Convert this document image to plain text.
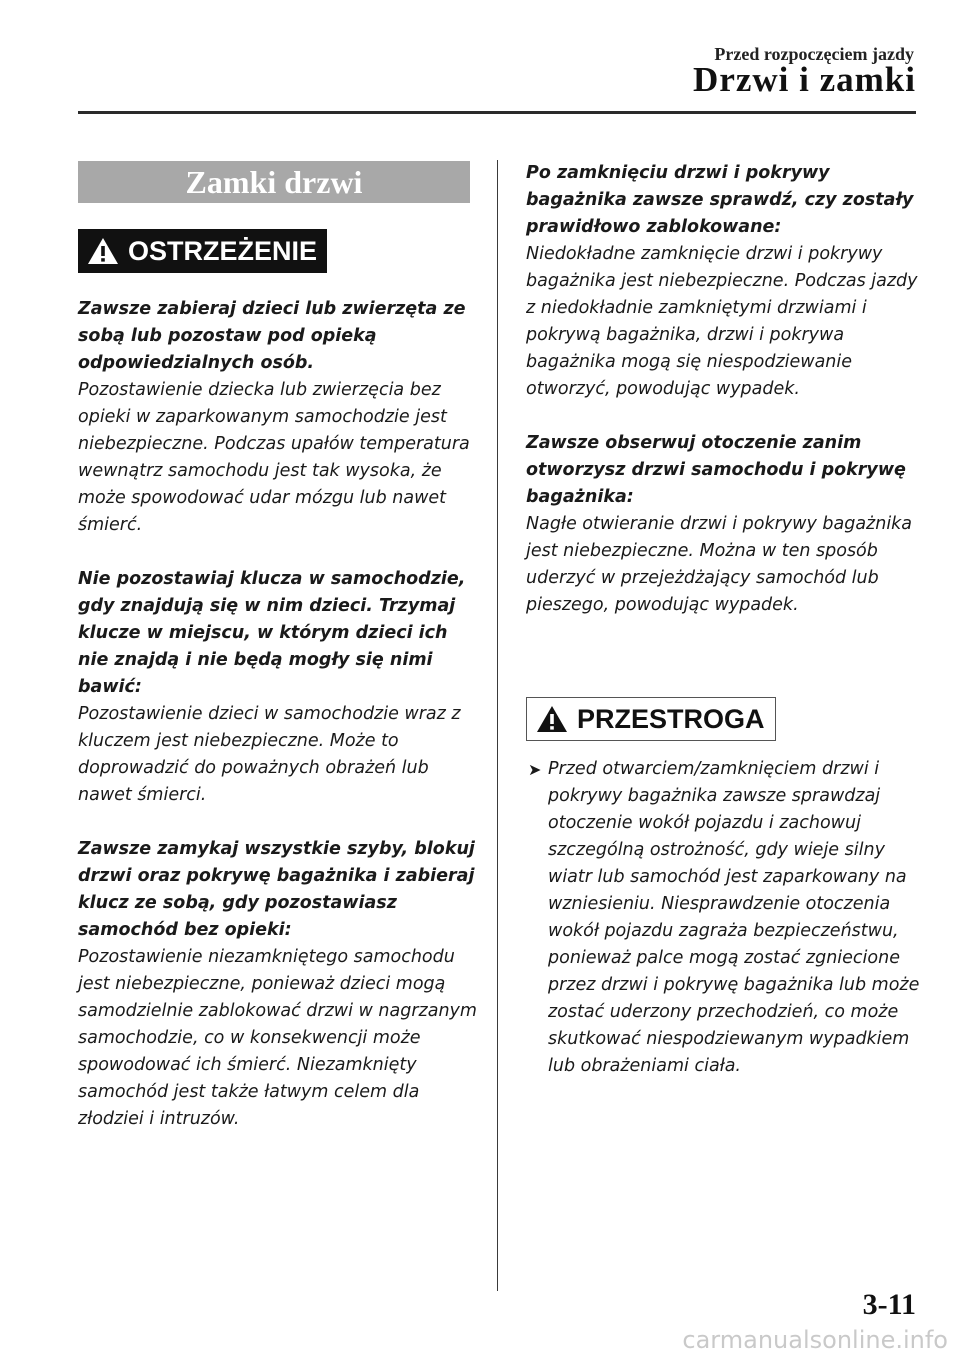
Przed rozpoczęciem jazdy
Drzwi i zamki
Zamki drzwi
OSTRZEŻENIE

Zawsze zabieraj dzieci lub zwierzęta ze sobą lub pozostaw pod opieką odpowiedzialnych osób.

Pozostawienie dziecka lub zwierzęcia bez opieki w zaparkowanym samochodzie jest niebezpieczne. Podczas upałów temperatura wewnątrz samochodu jest tak wysoka, że może spowodować udar mózgu lub nawet śmierć.

Nie pozostawiaj klucza w samochodzie, gdy znajdują się w nim dzieci. Trzymaj klucze w miejscu, w którym dzieci ich nie znajdą i nie będą mogły się nimi bawić:

Pozostawienie dzieci w samochodzie wraz z kluczem jest niebezpieczne. Może to doprowadzić do poważnych obrażeń lub nawet śmierci.

Zawsze zamykaj wszystkie szyby, blokuj drzwi oraz pokrywę bagażnika i zabieraj klucz ze sobą, gdy pozostawiasz samochód bez opieki:

Pozostawienie niezamkniętego samochodu jest niebezpieczne, ponieważ dzieci mogą samodzielnie zablokować drzwi w nagrzanym samochodzie, co w konsekwencji może spowodować ich śmierć. Niezamknięty samochód jest także łatwym celem dla złodziei i intruzów.

Po zamknięciu drzwi i pokrywy bagażnika zawsze sprawdź, czy zostały prawidłowo zablokowane:

Niedokładne zamknięcie drzwi i pokrywy bagażnika jest niebezpieczne. Podczas jazdy z niedokładnie zamkniętymi drzwiami i pokrywą bagażnika, drzwi i pokrywa bagażnika mogą się niespodziewanie otworzyć, powodując wypadek.

Zawsze obserwuj otoczenie zanim otworzysz drzwi samochodu i pokrywę bagażnika:

Nagłe otwieranie drzwi i pokrywy bagażnika jest niebezpieczne. Można w ten sposób uderzyć w przejeżdżający samochód lub pieszego, powodując wypadek.

PRZESTROGA
➤ Przed otwarciem/zamknięciem drzwi i pokrywy bagażnika zawsze sprawdzaj otoczenie wokół pojazdu i zachowuj szczególną ostrożność, gdy wieje silny wiatr lub samochód jest zaparkowany na wzniesieniu. Niesprawdzenie otoczenia wokół pojazdu zagraża bezpieczeństwu, ponieważ palce mogą zostać zgniecione przez drzwi i pokrywę bagażnika lub może zostać uderzony przechodzień, co może skutkować niespodziewanym wypadkiem lub obrażeniami ciała.
3-11
carmanualsonline.info
